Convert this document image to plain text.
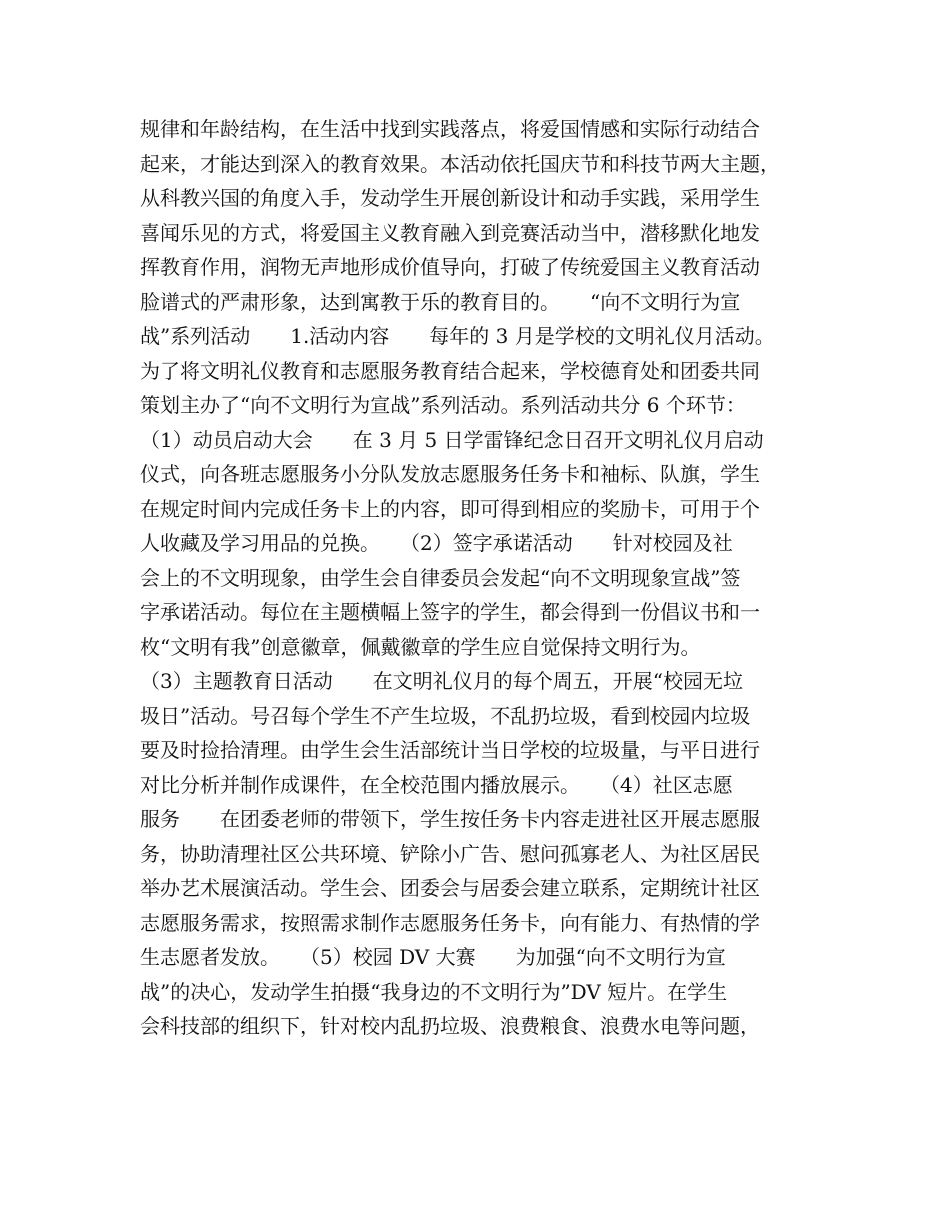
规律和年龄结构，在生活中找到实践落点，将爱国情感和实际行动结合
起来，才能达到深入的教育效果。本活动依托国庆节和科技节两大主题，
从科教兴国的角度入手，发动学生开展创新设计和动手实践，采用学生
喜闻乐见的方式，将爱国主义教育融入到竞赛活动当中，潜移默化地发
挥教育作用，润物无声地形成价值导向，打破了传统爱国主义教育活动
脸谱式的严肃形象，达到寓教于乐的教育目的。　　“向不文明行为宣
战”系列活动　　1.活动内容　　每年的 3 月是学校的文明礼仪月活动。
为了将文明礼仪教育和志愿服务教育结合起来，学校德育处和团委共同
策划主办了“向不文明行为宣战”系列活动。系列活动共分 6 个环节：
（1）动员启动大会　　在 3 月 5 日学雷锋纪念日召开文明礼仪月启动
仪式，向各班志愿服务小分队发放志愿服务任务卡和袖标、队旗，学生
在规定时间内完成任务卡上的内容，即可得到相应的奖励卡，可用于个
人收藏及学习用品的兑换。　　（2）签字承诺活动　　针对校园及社
会上的不文明现象，由学生会自律委员会发起“向不文明现象宣战”签
字承诺活动。每位在主题横幅上签字的学生，都会得到一份倡议书和一
枚“文明有我”创意徽章，佩戴徽章的学生应自觉保持文明行为。
（3）主题教育日活动　　在文明礼仪月的每个周五，开展“校园无垃
圾日”活动。号召每个学生不产生垃圾，不乱扔垃圾，看到校园内垃圾
要及时捡拾清理。由学生会生活部统计当日学校的垃圾量，与平日进行
对比分析并制作成课件，在全校范围内播放展示。　　（4）社区志愿
服务　　在团委老师的带领下，学生按任务卡内容走进社区开展志愿服
务，协助清理社区公共环境、铲除小广告、慰问孤寡老人、为社区居民
举办艺术展演活动。学生会、团委会与居委会建立联系，定期统计社区
志愿服务需求，按照需求制作志愿服务任务卡，向有能力、有热情的学
生志愿者发放。　　（5）校园 DV 大赛　　为加强“向不文明行为宣
战”的决心，发动学生拍摄“我身边的不文明行为”DV 短片。在学生
会科技部的组织下，针对校内乱扔垃圾、浪费粮食、浪费水电等问题，
